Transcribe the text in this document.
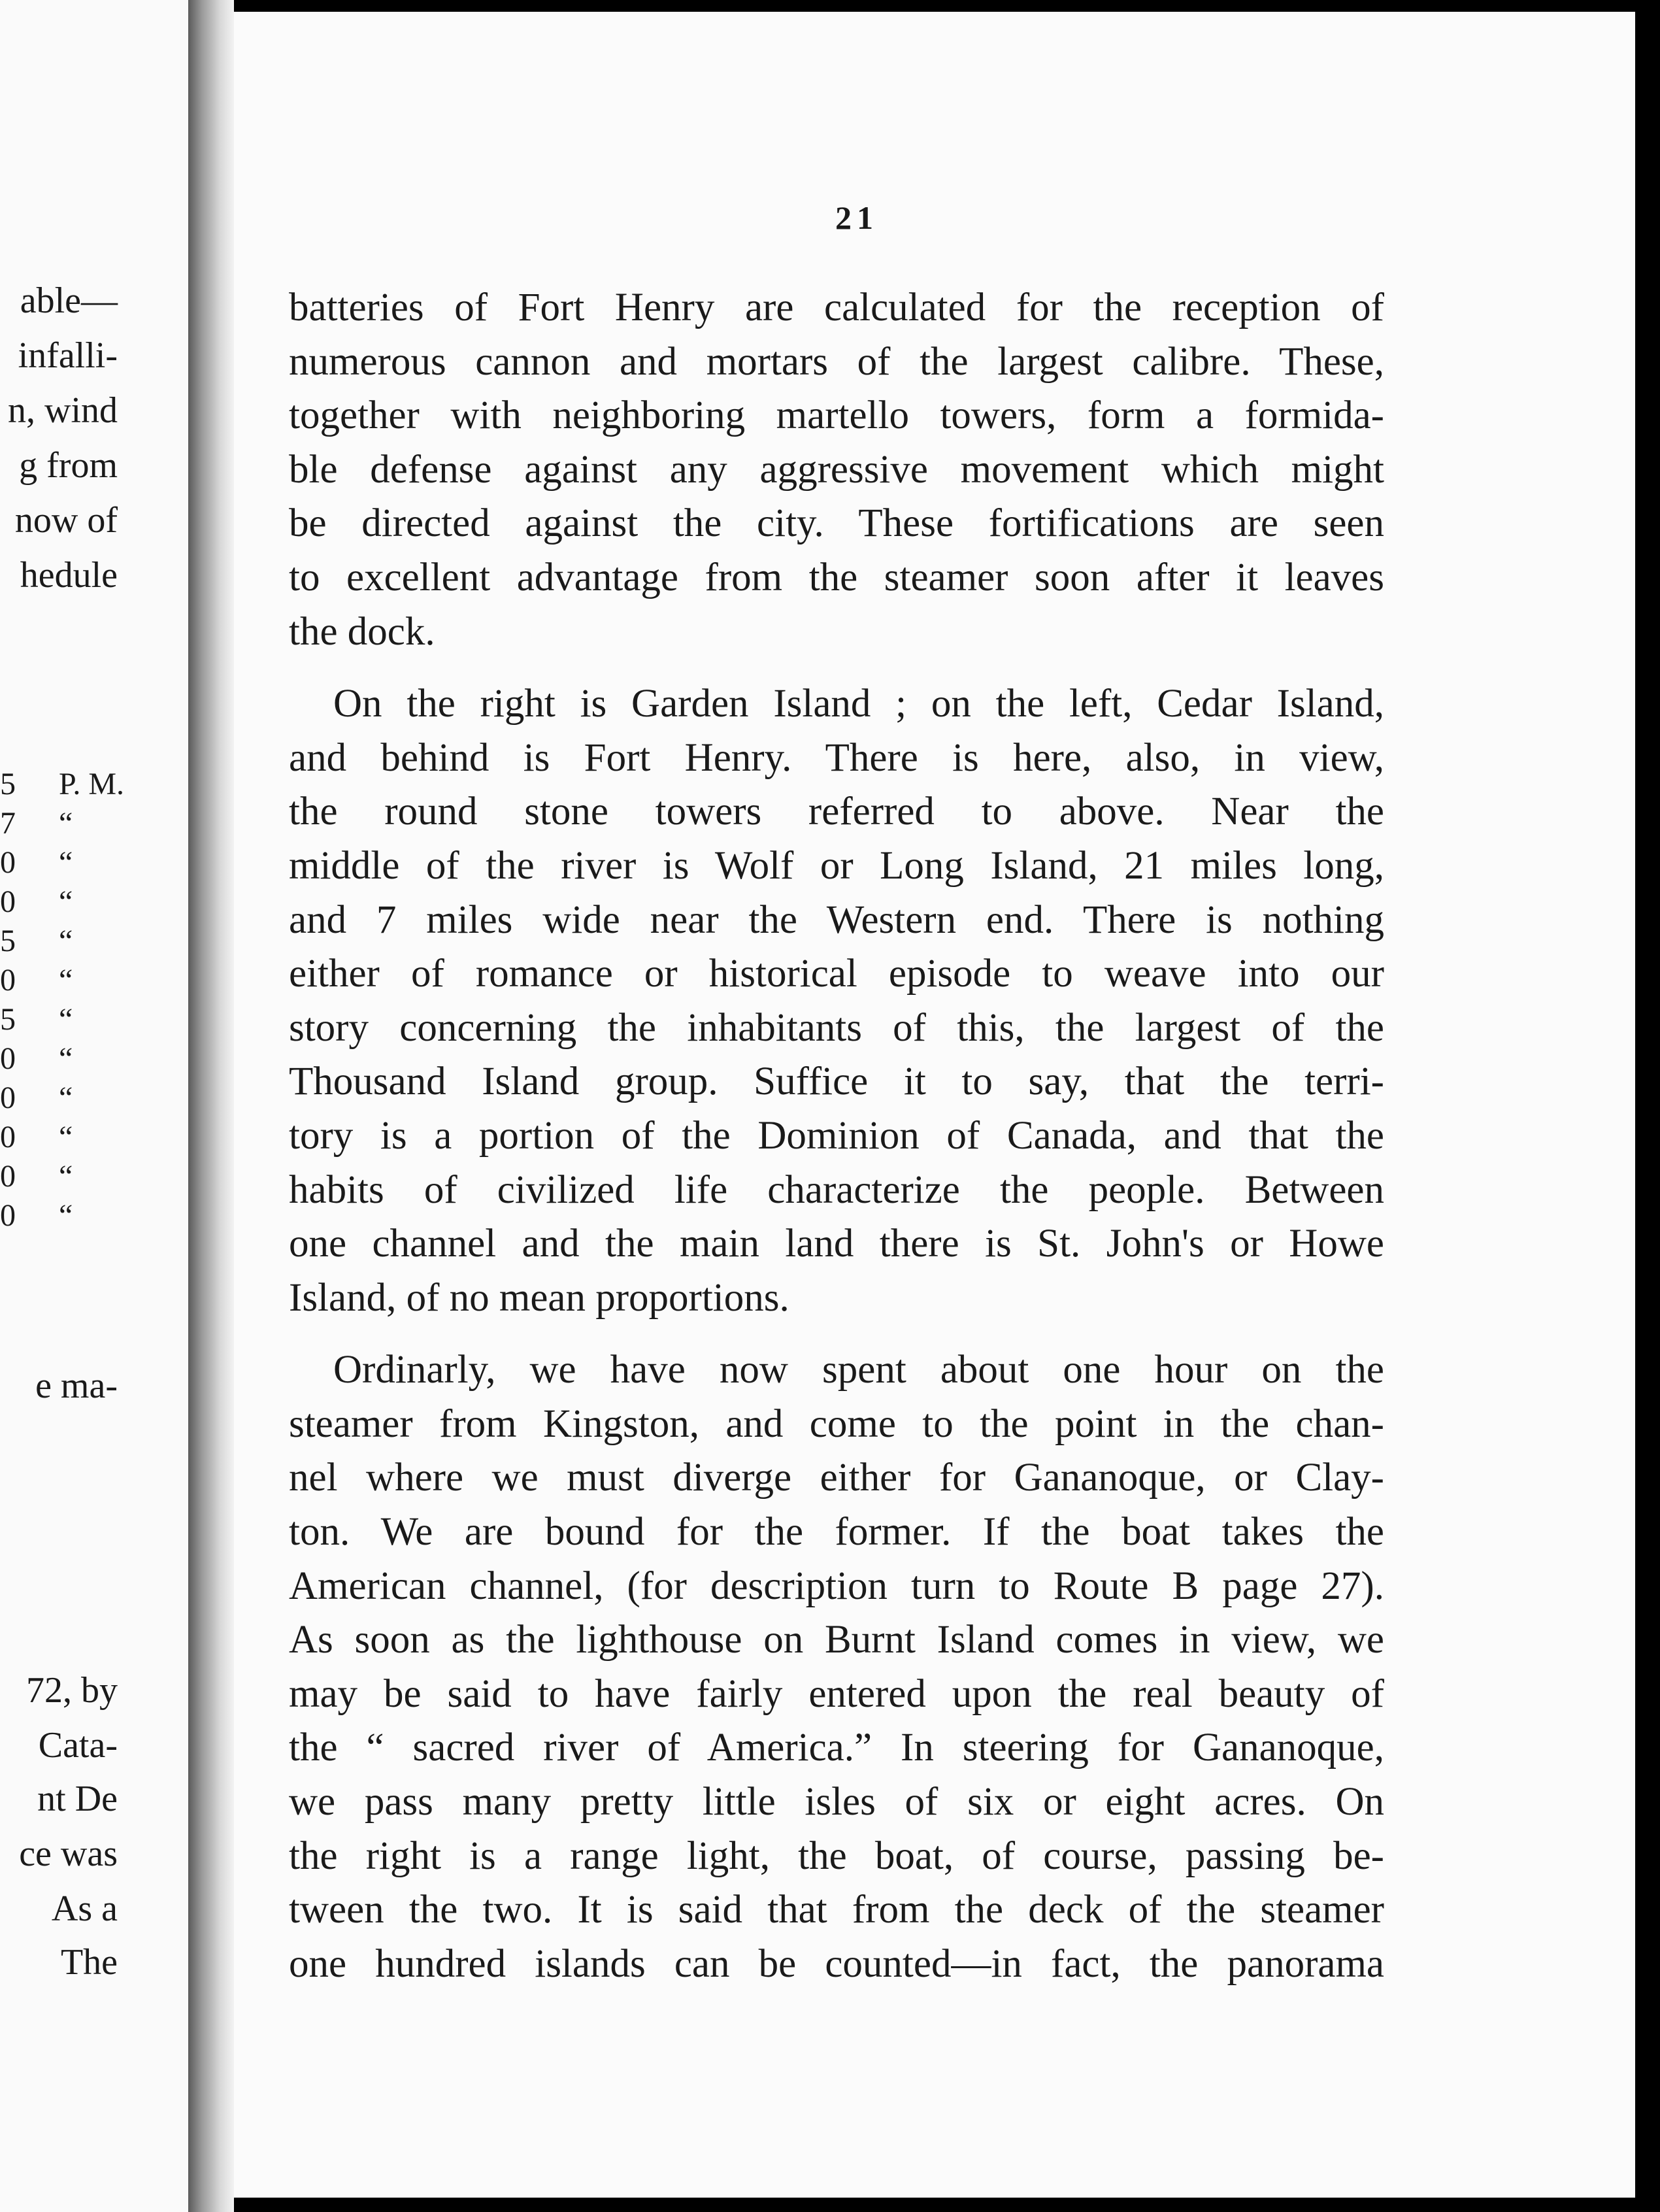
able—
infalli-
n, wind
g from
now of
hedule
5 P. M.
7 “
0 “
0 “
5 “
0 “
5 “
0 “
0 “
0 “
0 “
0 “
e ma-
72, by
Cata-
nt De
ce was
As a
The
21
batteries of Fort Henry are calculated for the reception of
numerous cannon and mortars of the largest calibre. These,
together with neighboring martello towers, form a formida-
ble defense against any aggressive movement which might
be directed against the city. These fortifications are seen
to excellent advantage from the steamer soon after it leaves
the dock.
On the right is Garden Island ; on the left, Cedar Island,
and behind is Fort Henry. There is here, also, in view,
the round stone towers referred to above. Near the
middle of the river is Wolf or Long Island, 21 miles long,
and 7 miles wide near the Western end. There is nothing
either of romance or historical episode to weave into our
story concerning the inhabitants of this, the largest of the
Thousand Island group. Suffice it to say, that the terri-
tory is a portion of the Dominion of Canada, and that the
habits of civilized life characterize the people. Between
one channel and the main land there is St. John's or Howe
Island, of no mean proportions.
Ordinarly, we have now spent about one hour on the
steamer from Kingston, and come to the point in the chan-
nel where we must diverge either for Gananoque, or Clay-
ton. We are bound for the former. If the boat takes the
American channel, (for description turn to Route B page 27).
As soon as the lighthouse on Burnt Island comes in view, we
may be said to have fairly entered upon the real beauty of
the “ sacred river of America.” In steering for Gananoque,
we pass many pretty little isles of six or eight acres. On
the right is a range light, the boat, of course, passing be-
tween the two. It is said that from the deck of the steamer
one hundred islands can be counted—in fact, the panorama
